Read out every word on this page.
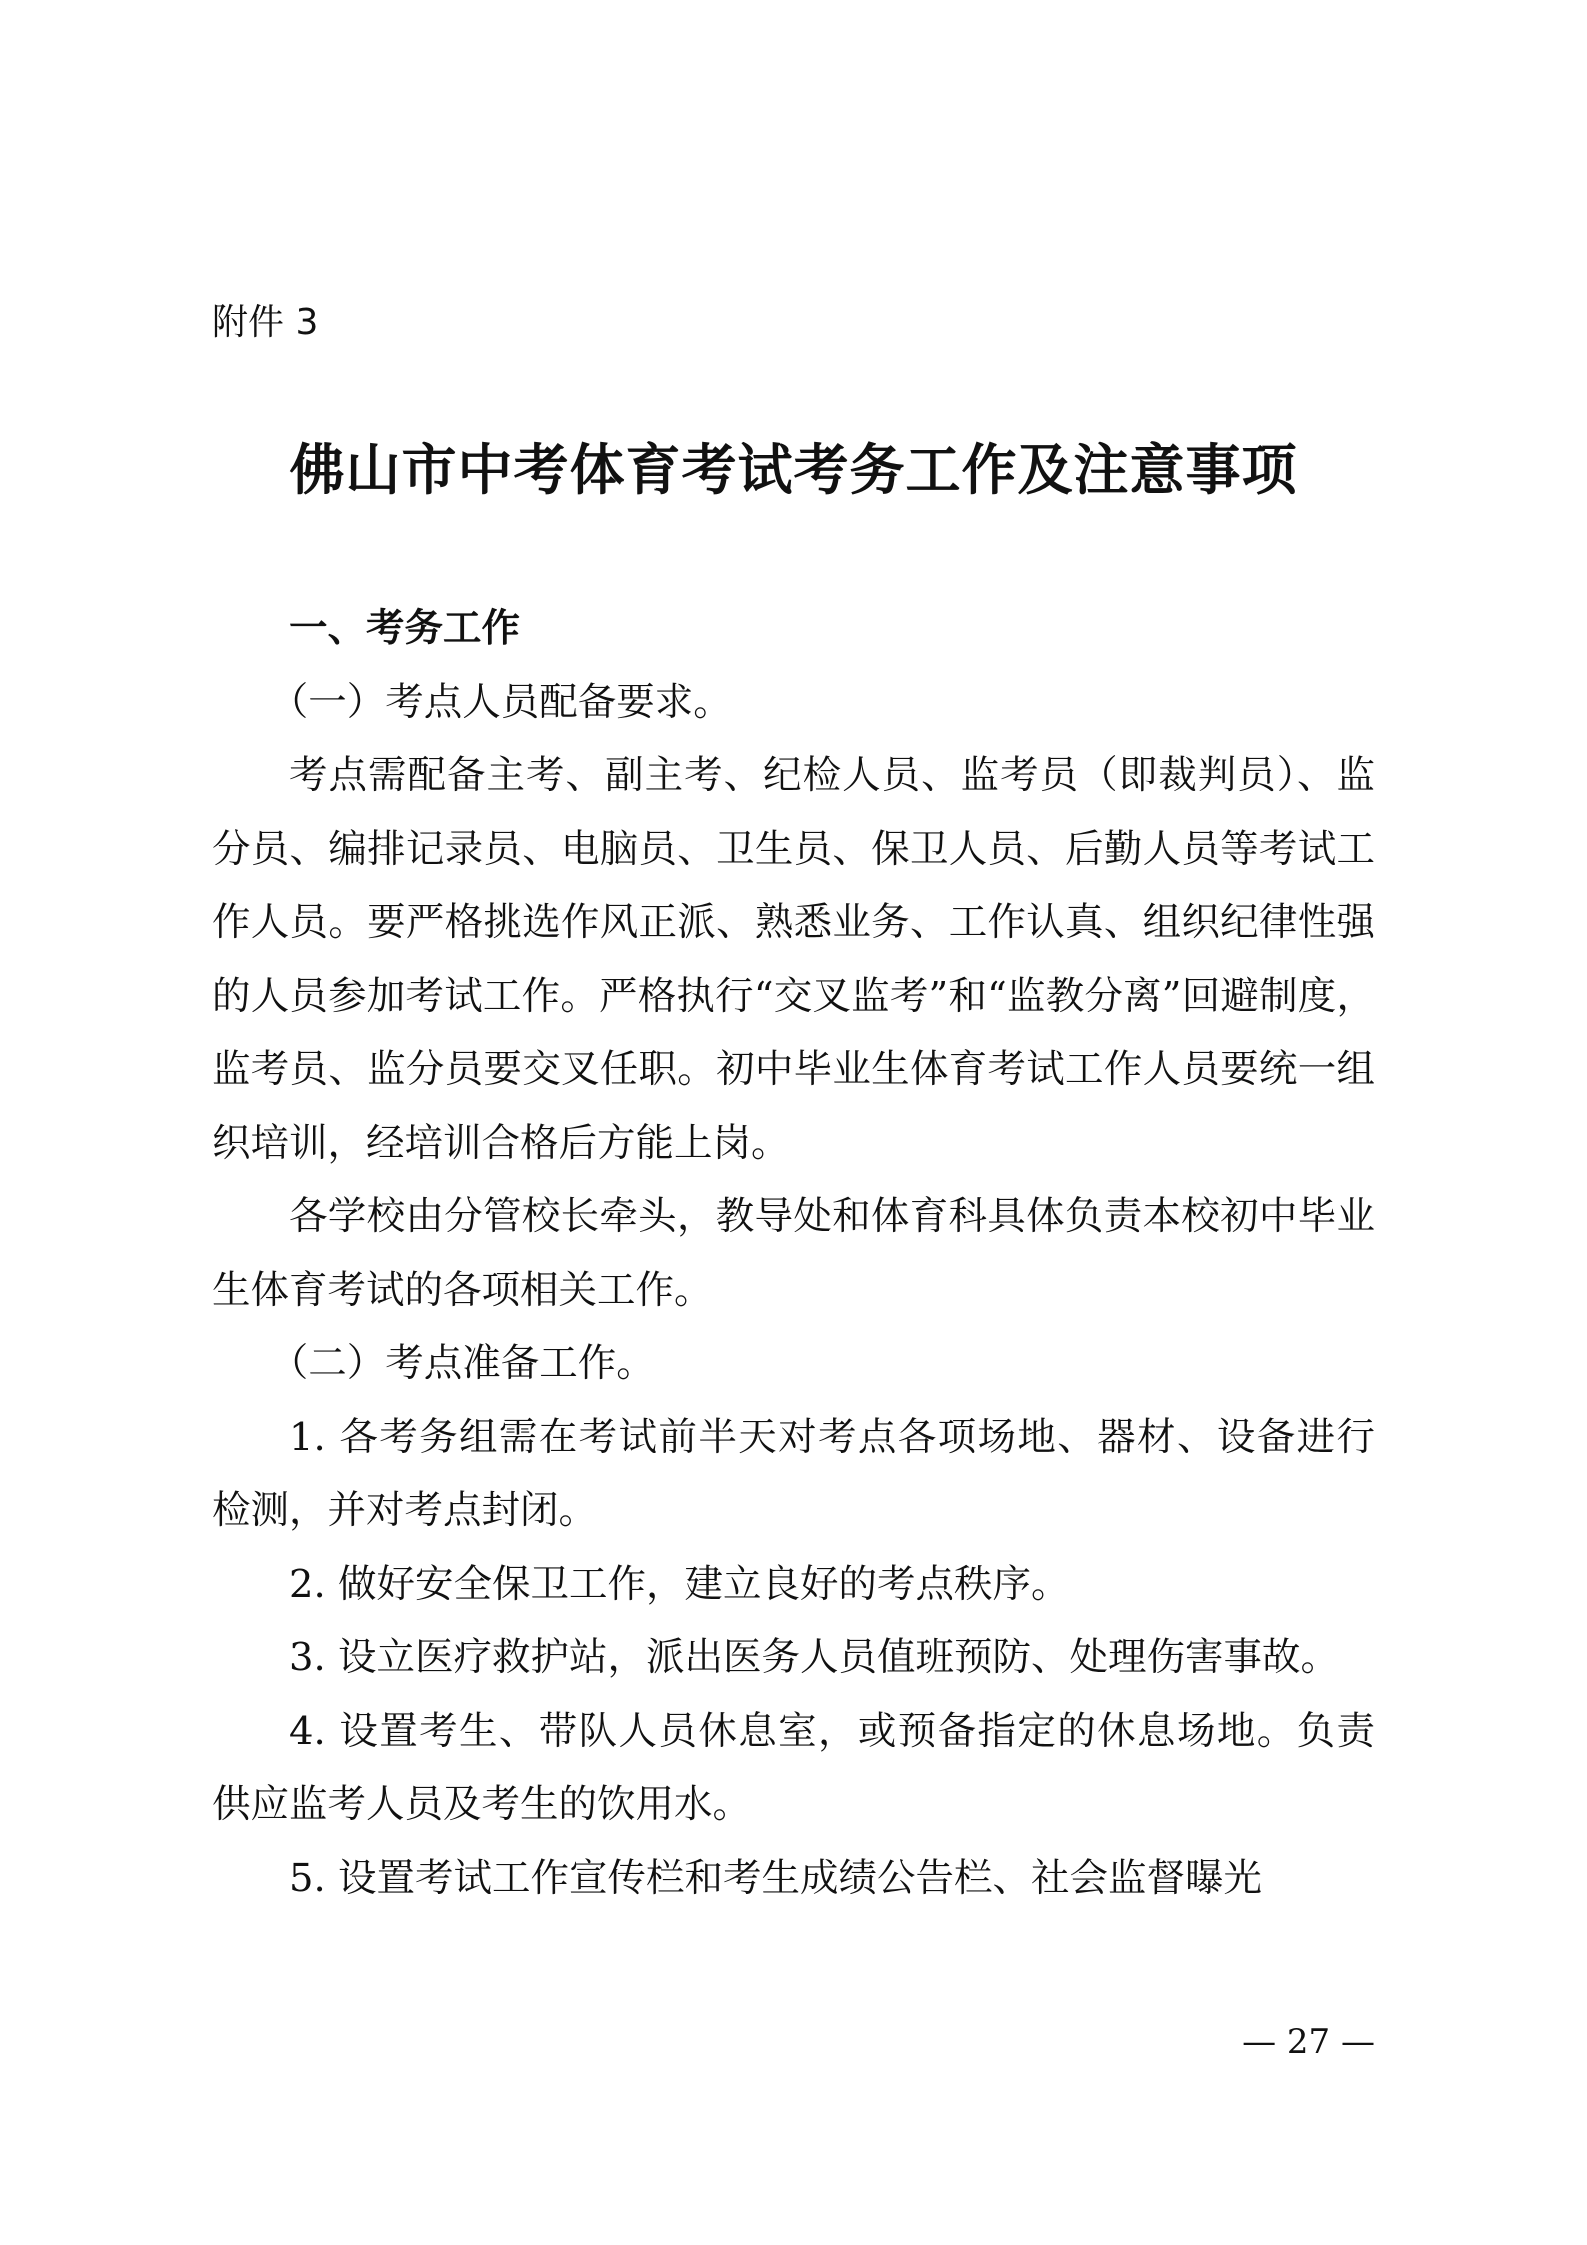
附件 3

佛山市中考体育考试考务工作及注意事项

一、考务工作

（一）考点人员配备要求。

考点需配备主考、副主考、纪检人员、监考员（即裁判员）、监分员、编排记录员、电脑员、卫生员、保卫人员、后勤人员等考试工作人员。要严格挑选作风正派、熟悉业务、工作认真、组织纪律性强的人员参加考试工作。严格执行“交叉监考”和“监教分离”回避制度，监考员、监分员要交叉任职。初中毕业生体育考试工作人员要统一组织培训，经培训合格后方能上岗。

各学校由分管校长牵头，教导处和体育科具体负责本校初中毕业生体育考试的各项相关工作。

（二）考点准备工作。

1. 各考务组需在考试前半天对考点各项场地、器材、设备进行检测，并对考点封闭。

2. 做好安全保卫工作，建立良好的考点秩序。

3. 设立医疗救护站，派出医务人员值班预防、处理伤害事故。

4. 设置考生、带队人员休息室，或预备指定的休息场地。负责供应监考人员及考生的饮用水。

5. 设置考试工作宣传栏和考生成绩公告栏、社会监督曝光

— 27 —
